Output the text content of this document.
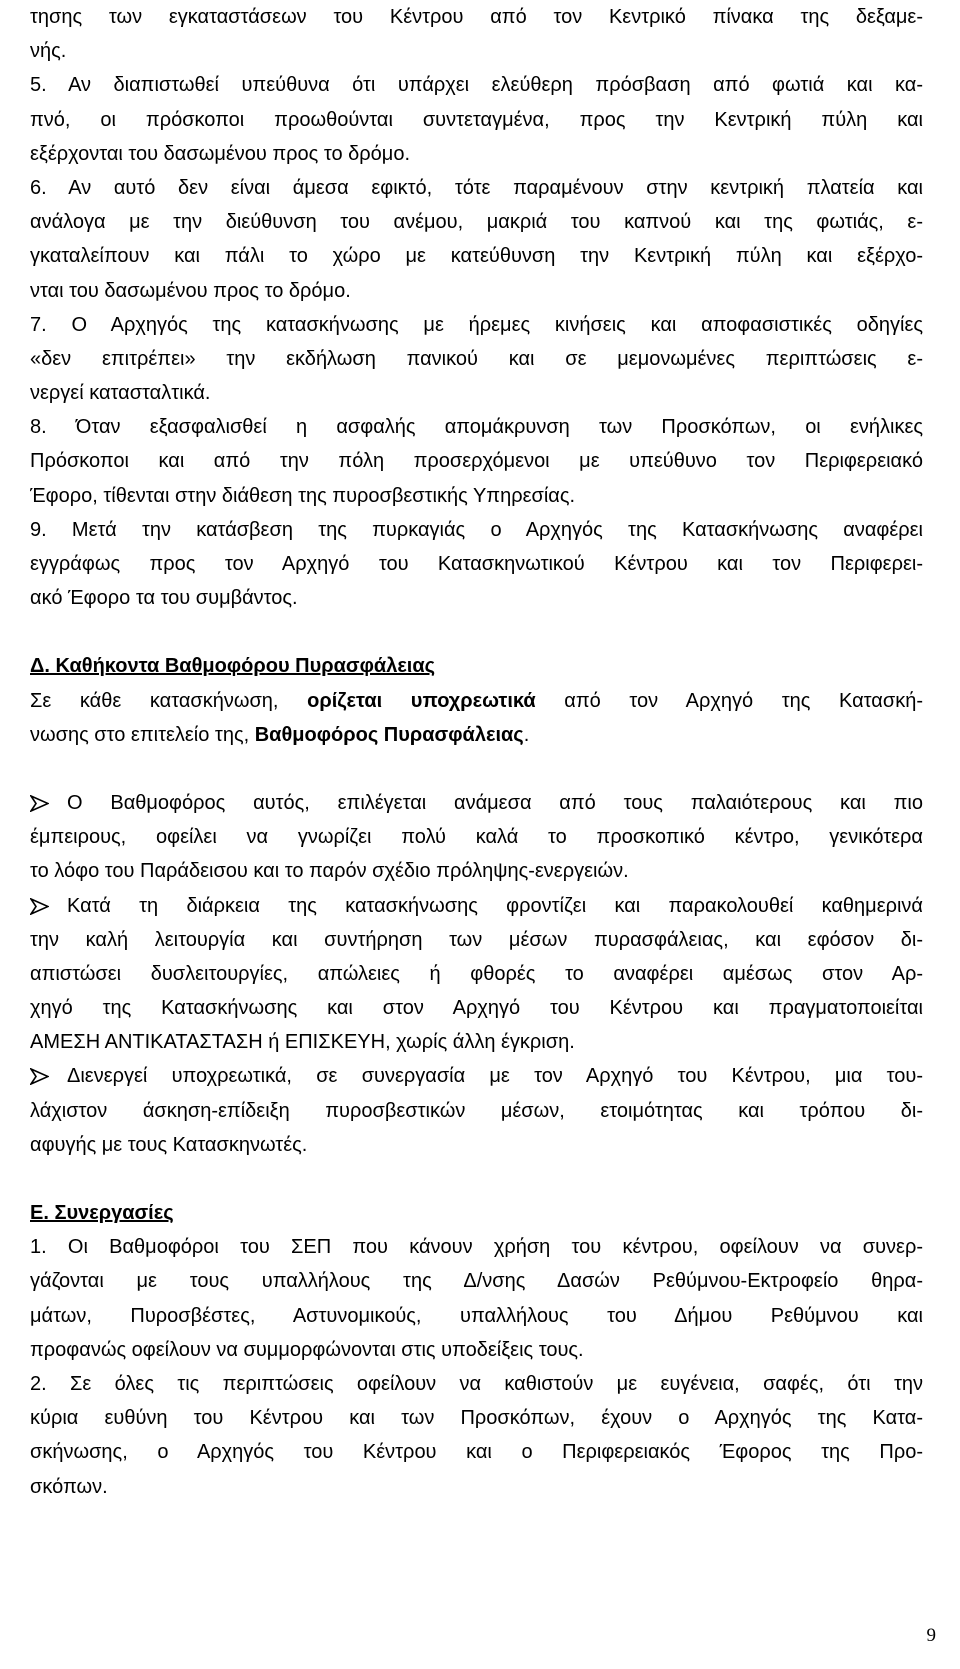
τησης των εγκαταστάσεων του Κέντρου από τον Κεντρικό πίνακα της δεξαμε-
νής.
5. Αν διαπιστωθεί υπεύθυνα ότι υπάρχει ελεύθερη πρόσβαση από φωτιά και κα-
πνό, οι πρόσκοποι προωθούνται συντεταγμένα, προς την Κεντρική πύλη και
εξέρχονται του δασωμένου προς το δρόμο.
6. Αν αυτό δεν είναι άμεσα εφικτό, τότε παραμένουν στην κεντρική πλατεία και
ανάλογα με την διεύθυνση του ανέμου, μακριά του καπνού και της φωτιάς, ε-
γκαταλείπουν και πάλι το χώρο με κατεύθυνση την Κεντρική πύλη και εξέρχο-
νται του δασωμένου προς το δρόμο.
7. Ο Αρχηγός της κατασκήνωσης με ήρεμες κινήσεις και αποφασιστικές οδηγίες
«δεν επιτρέπει» την εκδήλωση πανικού και σε μεμονωμένες περιπτώσεις ε-
νεργεί κατασταλτικά.
8. Όταν εξασφαλισθεί η ασφαλής απομάκρυνση των Προσκόπων, οι ενήλικες
Πρόσκοποι και από την πόλη προσερχόμενοι με υπεύθυνο τον Περιφερειακό
Έφορο, τίθενται στην διάθεση της πυροσβεστικής Υπηρεσίας.
9. Μετά την κατάσβεση της πυρκαγιάς ο Αρχηγός της Κατασκήνωσης αναφέρει
εγγράφως προς τον Αρχηγό του Κατασκηνωτικού Κέντρου και τον Περιφερει-
ακό Έφορο τα του συμβάντος.
Δ. Καθήκοντα Βαθμοφόρου Πυρασφάλειας
Σε κάθε κατασκήνωση, ορίζεται υποχρεωτικά από τον Αρχηγό της Κατασκή-
νωσης στο επιτελείο της, Βαθμοφόρος Πυρασφάλειας.
Ο Βαθμοφόρος αυτός, επιλέγεται ανάμεσα από τους παλαιότερους και πιο
έμπειρους, οφείλει να γνωρίζει πολύ καλά το προσκοπικό κέντρο, γενικότερα
το λόφο του Παράδεισου και το παρόν σχέδιο πρόληψης-ενεργειών.
Κατά τη διάρκεια της κατασκήνωσης φροντίζει και παρακολουθεί καθημερινά
την καλή λειτουργία και συντήρηση των μέσων πυρασφάλειας, και εφόσον δι-
απιστώσει δυσλειτουργίες, απώλειες ή φθορές το αναφέρει αμέσως στον Αρ-
χηγό της Κατασκήνωσης και στον Αρχηγό του Κέντρου και πραγματοποιείται
ΑΜΕΣΗ ΑΝΤΙΚΑΤΑΣΤΑΣΗ ή ΕΠΙΣΚΕΥΗ, χωρίς άλλη έγκριση.
Διενεργεί υποχρεωτικά, σε συνεργασία με τον Αρχηγό του Κέντρου, μια του-
λάχιστον άσκηση-επίδειξη πυροσβεστικών μέσων, ετοιμότητας και τρόπου δι-
αφυγής με τους Κατασκηνωτές.
Ε. Συνεργασίες
1. Οι Βαθμοφόροι του ΣΕΠ που κάνουν χρήση του κέντρου, οφείλουν να συνερ-
γάζονται με τους υπαλλήλους της Δ/νσης Δασών Ρεθύμνου-Εκτροφείο θηρα-
μάτων, Πυροσβέστες, Αστυνομικούς, υπαλλήλους του Δήμου Ρεθύμνου και
προφανώς οφείλουν να συμμορφώνονται στις υποδείξεις τους.
2. Σε όλες τις περιπτώσεις οφείλουν να καθιστούν με ευγένεια, σαφές, ότι την
κύρια ευθύνη του Κέντρου και των Προσκόπων, έχουν ο Αρχηγός της Κατα-
σκήνωσης, ο Αρχηγός του Κέντρου και ο Περιφερειακός Έφορος της Προ-
σκόπων.
9
